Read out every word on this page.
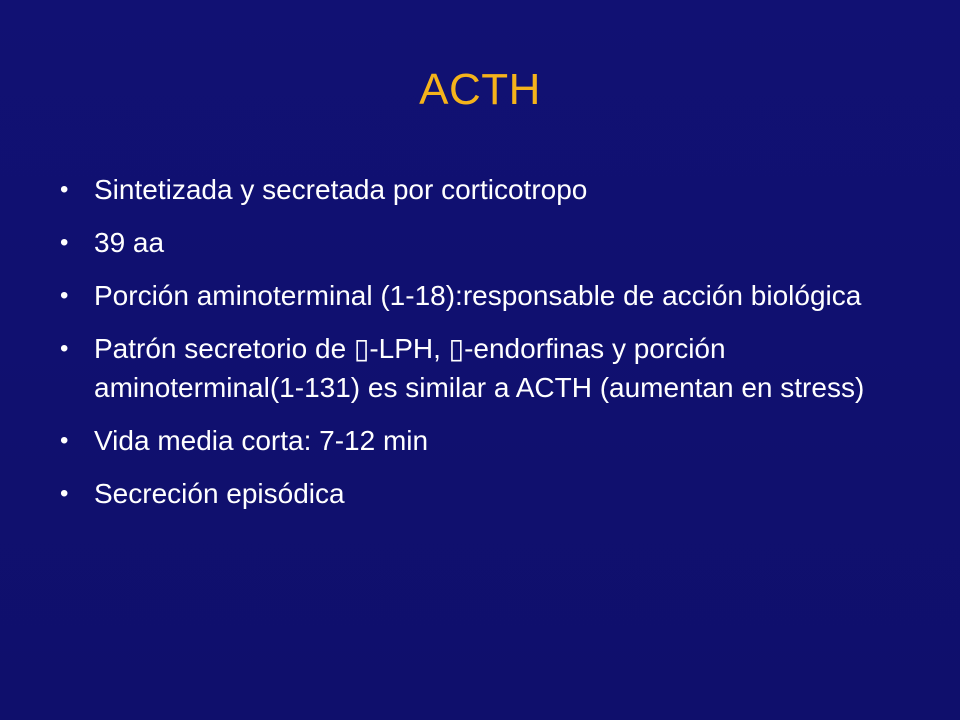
ACTH
• Sintetizada y secretada por corticotropo
• 39 aa
• Porción aminoterminal (1-18):responsable de acción biológica
• Patrón secretorio de ▯-LPH, ▯-endorfinas y porción aminoterminal(1-131) es similar a ACTH (aumentan en stress)
• Vida media corta: 7-12 min
• Secreción episódica
